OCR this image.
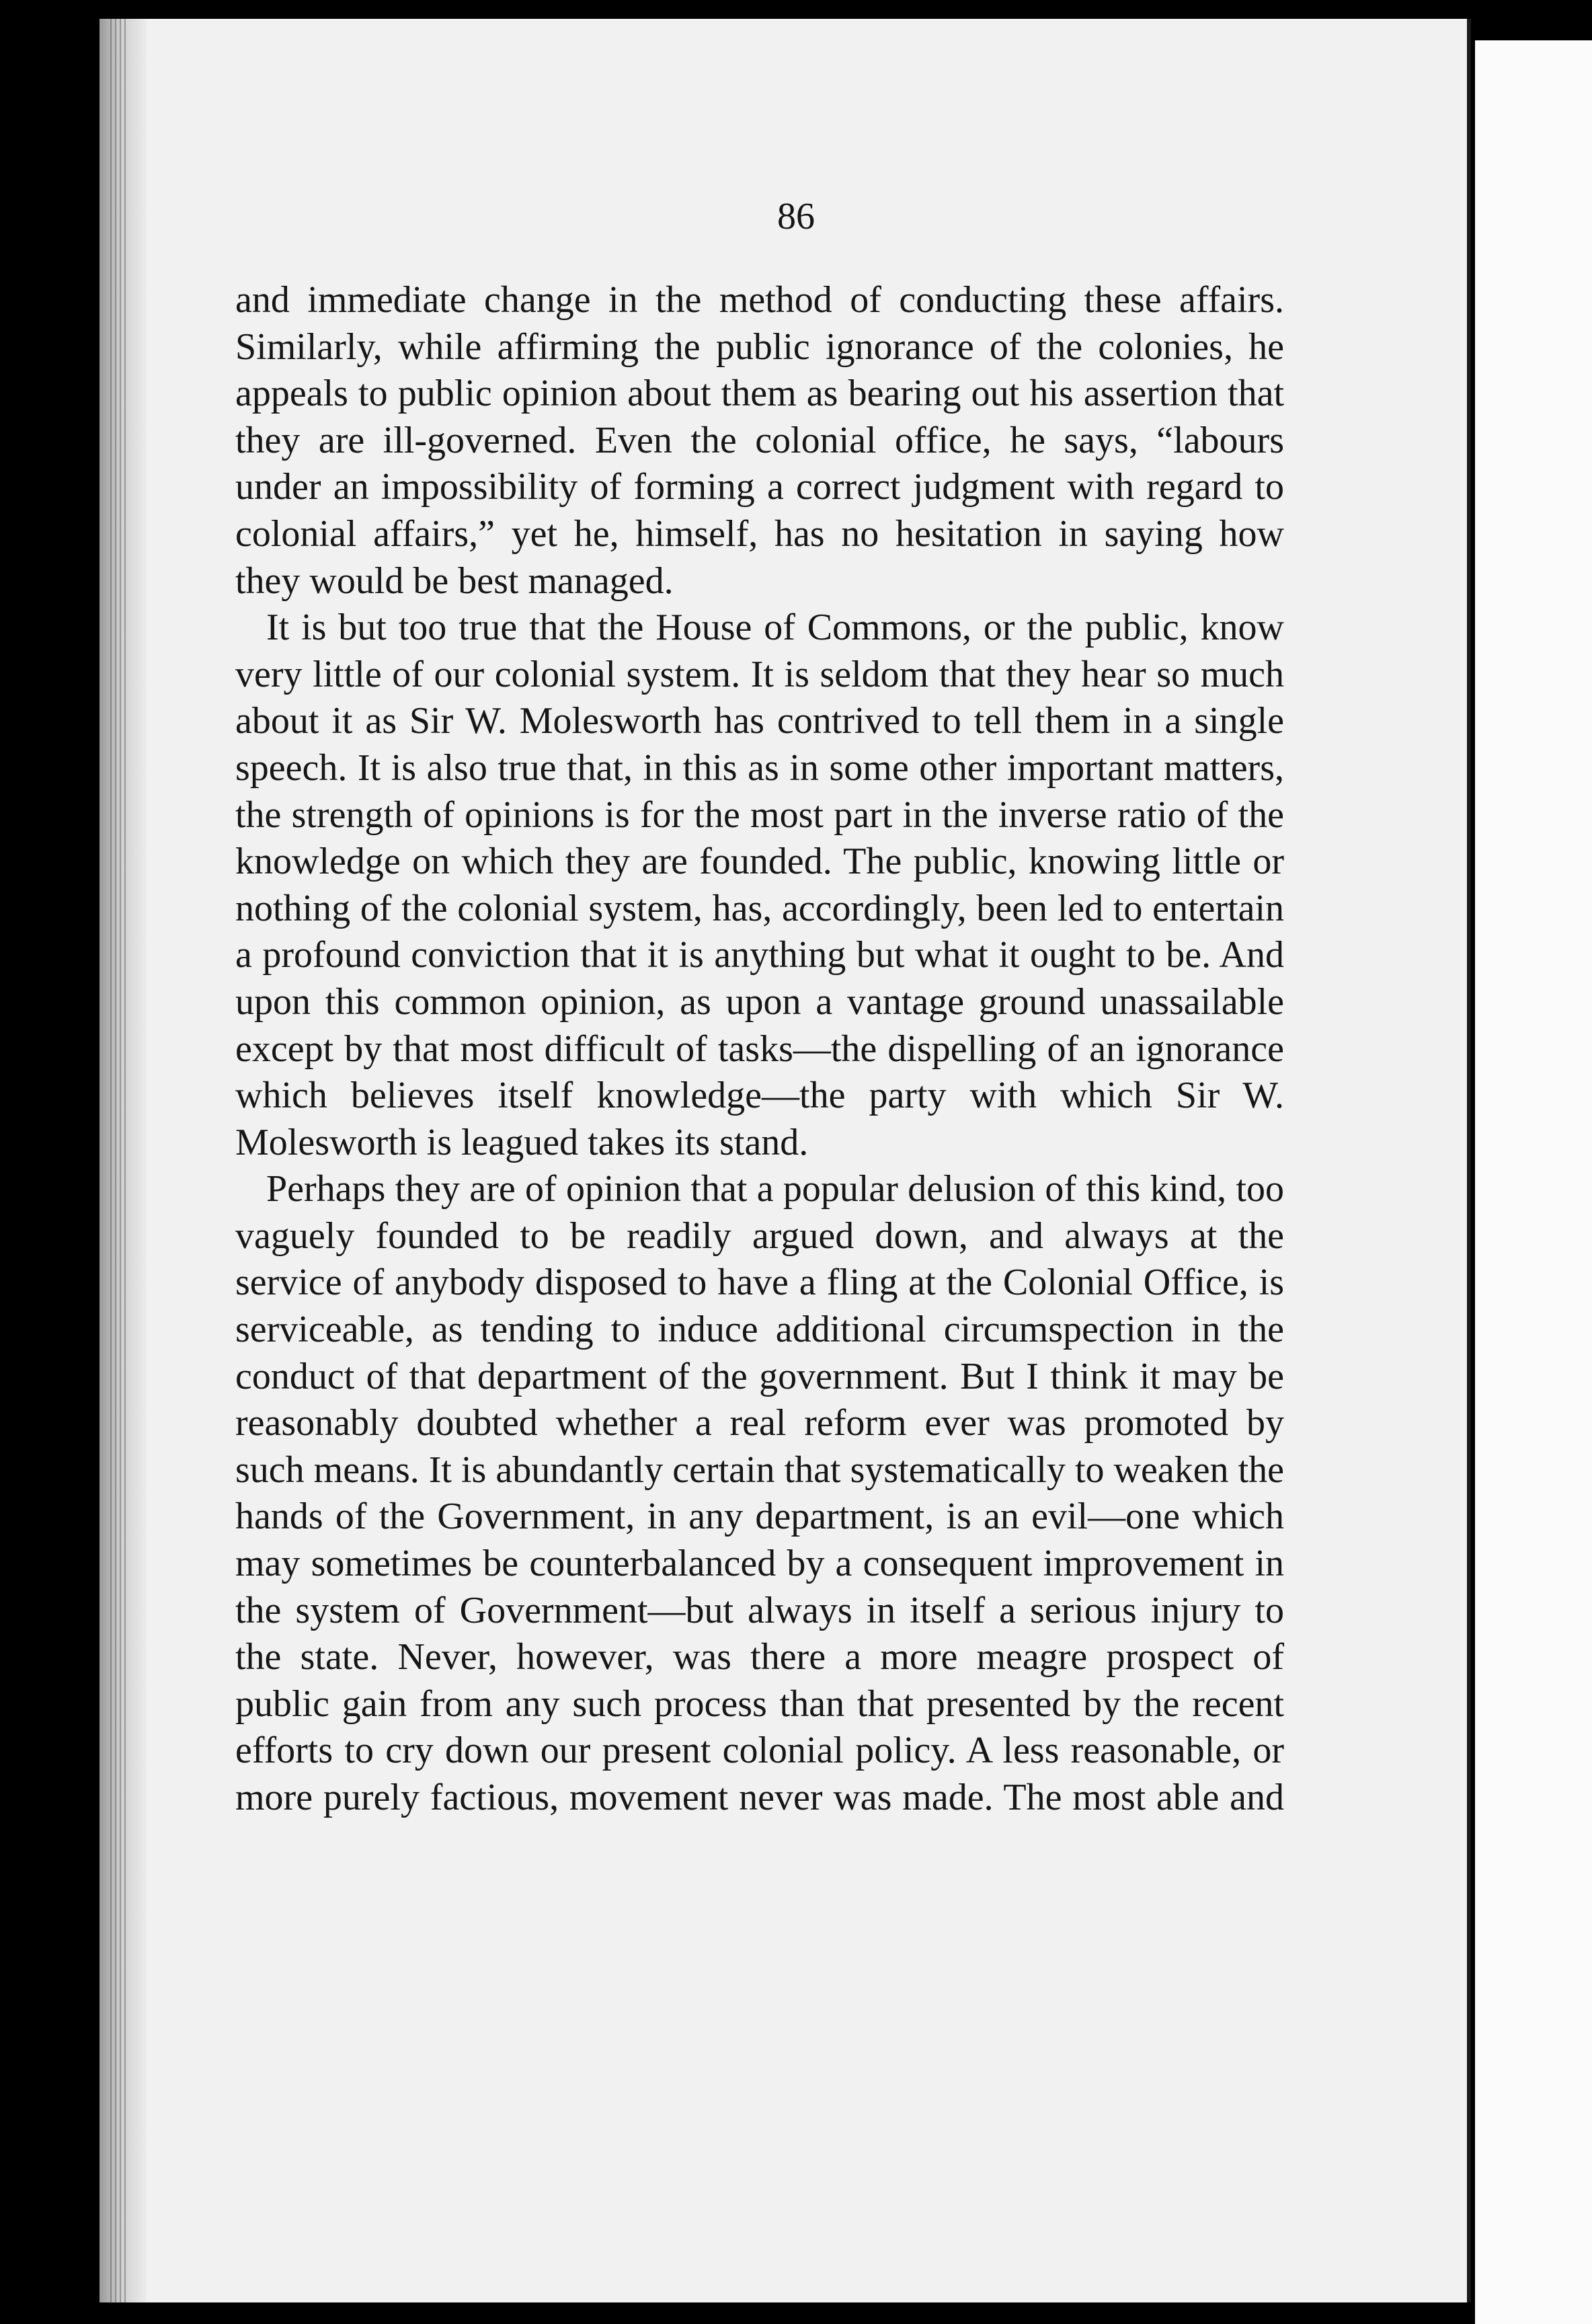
86

and immediate change in the method of conducting these affairs. Similarly, while affirming the public ignorance of the colonies, he appeals to public opinion about them as bearing out his assertion that they are ill-governed. Even the colonial office, he says, “labours under an impossibility of forming a correct judgment with regard to colonial affairs,” yet he, himself, has no hesitation in saying how they would be best managed.

It is but too true that the House of Commons, or the public, know very little of our colonial system. It is seldom that they hear so much about it as Sir W. Molesworth has contrived to tell them in a single speech. It is also true that, in this as in some other important matters, the strength of opinions is for the most part in the inverse ratio of the knowledge on which they are founded. The public, knowing little or nothing of the colonial system, has, accordingly, been led to entertain a profound conviction that it is anything but what it ought to be. And upon this common opinion, as upon a vantage ground unassailable except by that most difficult of tasks—the dispelling of an ignorance which believes itself knowledge—the party with which Sir W. Molesworth is leagued takes its stand.

Perhaps they are of opinion that a popular delusion of this kind, too vaguely founded to be readily argued down, and always at the service of anybody disposed to have a fling at the Colonial Office, is serviceable, as tending to induce additional circumspection in the conduct of that department of the government. But I think it may be reasonably doubted whether a real reform ever was promoted by such means. It is abundantly certain that systematically to weaken the hands of the Government, in any department, is an evil—one which may sometimes be counterbalanced by a consequent improvement in the system of Government—but always in itself a serious injury to the state. Never, however, was there a more meagre prospect of public gain from any such process than that presented by the recent efforts to cry down our present colonial policy. A less reasonable, or more purely factious, movement never was made. The most able and
